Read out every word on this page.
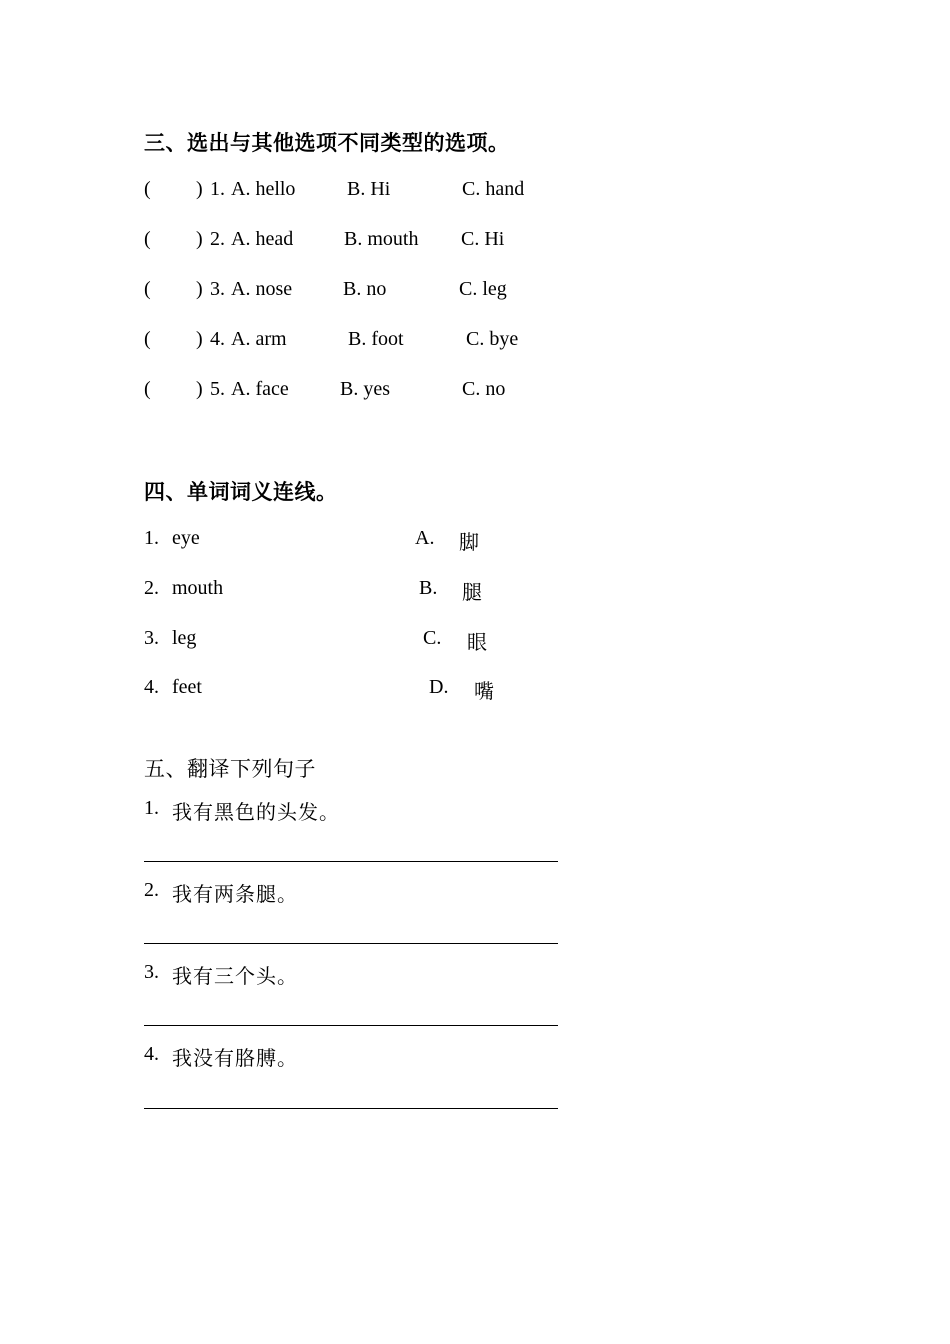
三、选出与其他选项不同类型的选项。
( ) 1. A. hello	B. Hi	C. hand
( ) 2. A. head	B. mouth C. Hi
( ) 3. A. nose	B. no	C. leg
( ) 4. A. arm	B. foot	C. bye
( ) 5. A. face	B. yes	C. no
四、单词词义连线。
1. eye	A. 脚
2. mouth	B. 腿
3. leg	C. 眼
4. feet	D. 嘴
五、翻译下列句子
1. 我有黑色的头发。
2. 我有两条腿。
3. 我有三个头。
4. 我没有胳膊。
